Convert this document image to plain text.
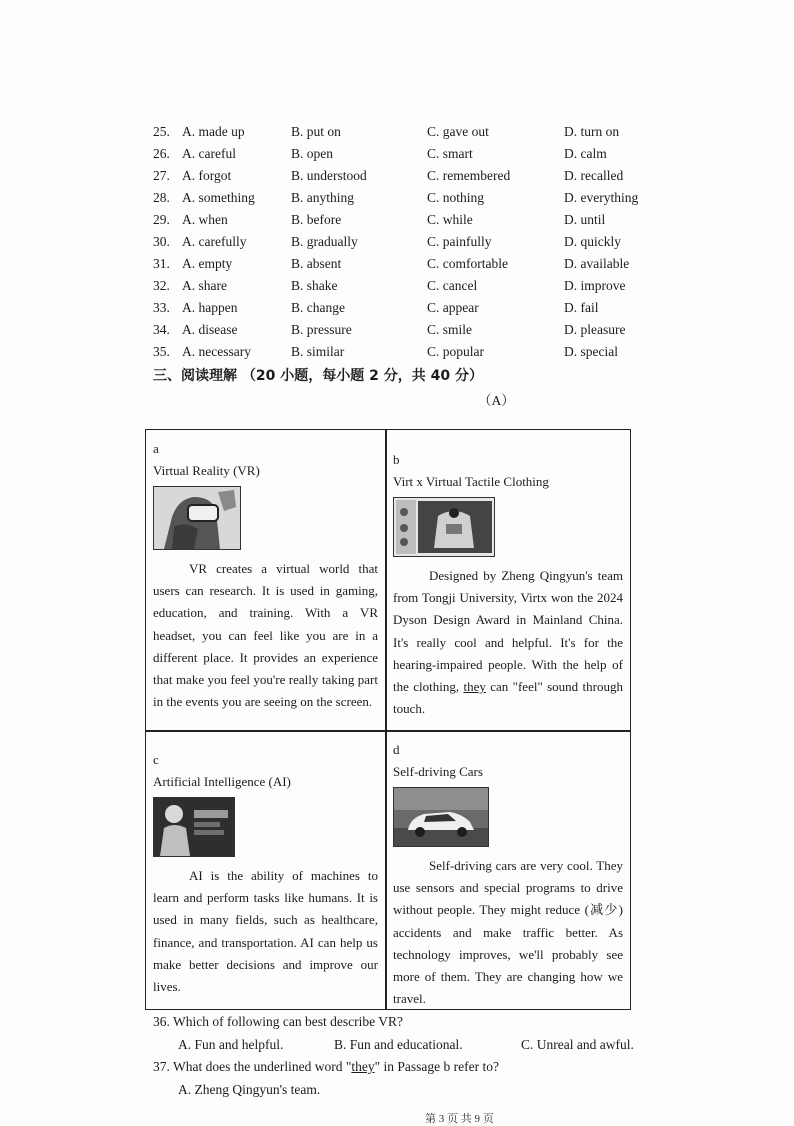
25. A. made up	B. put on	C. gave out	D. turn on
26. A. careful	B. open	C. smart	D. calm
27. A. forgot	B. understood	C. remembered	D. recalled
28. A. something	B. anything	C. nothing	D. everything
29. A. when	B. before	C. while	D. until
30. A. carefully	B. gradually	C. painfully	D. quickly
31. A. empty	B. absent	C. comfortable	D. available
32. A. share	B. shake	C. cancel	D. improve
33. A. happen	B. change	C. appear	D. fail
34. A. disease	B. pressure	C. smile	D. pleasure
35. A. necessary	B. similar	C. popular	D. special
三、阅读理解 （20 小题，每小题 2 分，共 40 分）
（A）
a
Virtual Reality (VR)
VR creates a virtual world that users can research. It is used in gaming, education, and training. With a VR headset, you can feel like you are in a different place. It provides an experience that make you feel you're really taking part in the events you are seeing on the screen.
b
Virt x Virtual Tactile Clothing
Designed by Zheng Qingyun's team from Tongji University, Virtx won the 2024 Dyson Design Award in Mainland China. It's really cool and helpful. It's for the hearing-impaired people. With the help of the clothing, they can "feel" sound through touch.
c
Artificial Intelligence (AI)
AI is the ability of machines to learn and perform tasks like humans. It is used in many fields, such as healthcare, finance, and transportation. AI can help us make better decisions and improve our lives.
d
Self-driving Cars
Self-driving cars are very cool. They use sensors and special programs to drive without people. They might reduce (减少) accidents and make traffic better. As technology improves, we'll probably see more of them. They are changing how we travel.
36. Which of following can best describe VR?
A. Fun and helpful.	B. Fun and educational.	C. Unreal and awful.
37. What does the underlined word "they" in Passage b refer to?
A. Zheng Qingyun's team.
第 3 页 共 9 页
